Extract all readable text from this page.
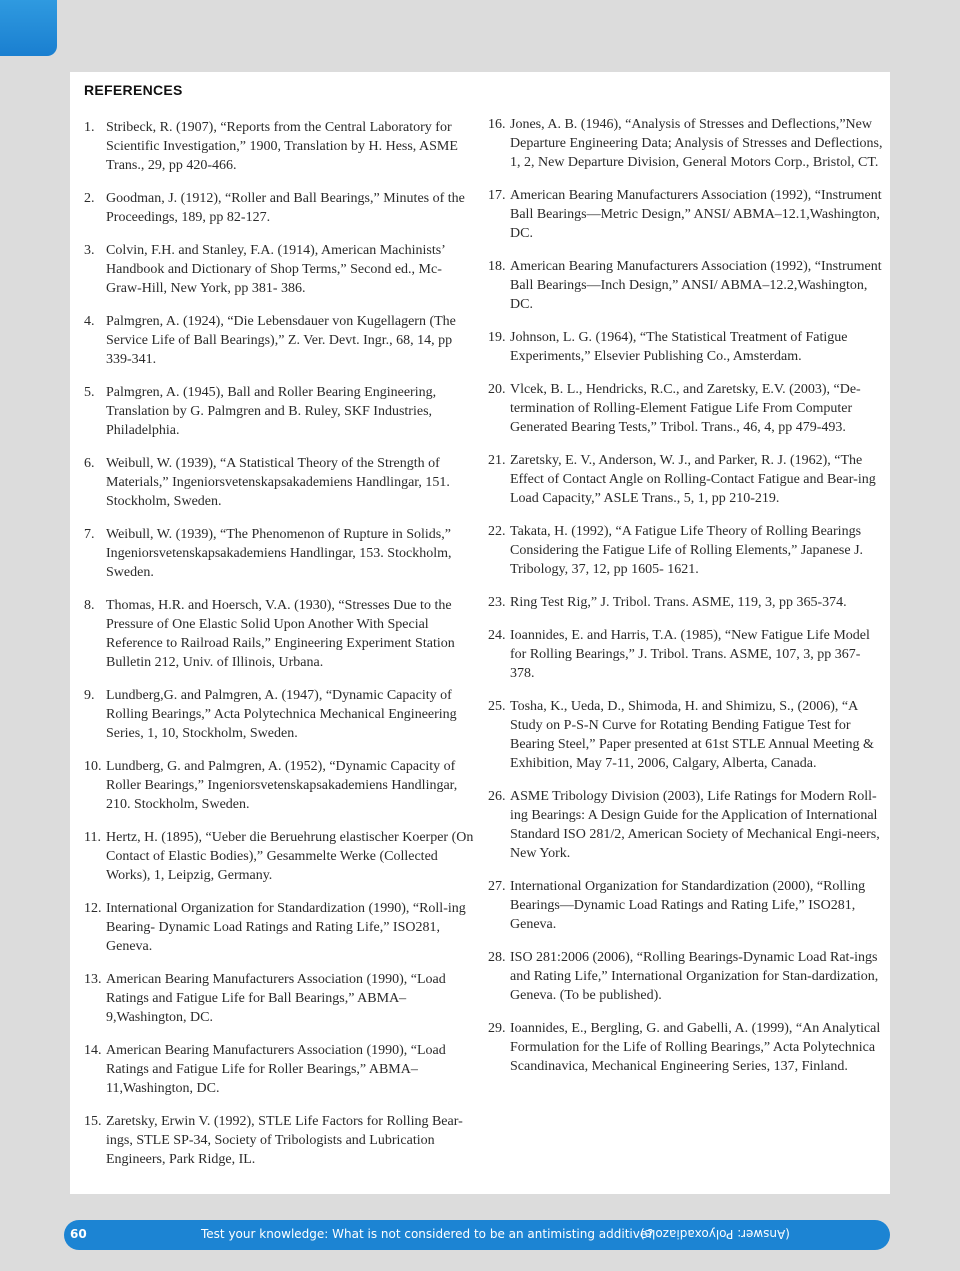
REFERENCES
1. Stribeck, R. (1907), “Reports from the Central Laboratory for Scientific Investigation,” 1900, Translation by H. Hess, ASME Trans., 29, pp 420-466.
2. Goodman, J. (1912), “Roller and Ball Bearings,” Minutes of the Proceedings, 189, pp 82-127.
3. Colvin, F.H. and Stanley, F.A. (1914), American Machinists’ Handbook and Dictionary of Shop Terms,” Second ed., Mc-Graw-Hill, New York, pp 381- 386.
4. Palmgren, A. (1924), “Die Lebensdauer von Kugellagern (The Service Life of Ball Bearings),” Z. Ver. Devt. Ingr., 68, 14, pp 339-341.
5. Palmgren, A. (1945), Ball and Roller Bearing Engineering, Translation by G. Palmgren and B. Ruley, SKF Industries, Philadelphia.
6. Weibull, W. (1939), “A Statistical Theory of the Strength of Materials,” Ingeniorsvetenskapsakademiens Handlingar, 151. Stockholm, Sweden.
7. Weibull, W. (1939), “The Phenomenon of Rupture in Solids,” Ingeniorsvetenskapsakademiens Handlingar, 153. Stockholm, Sweden.
8. Thomas, H.R. and Hoersch, V.A. (1930), “Stresses Due to the Pressure of One Elastic Solid Upon Another With Special Reference to Railroad Rails,” Engineering Experiment Station Bulletin 212, Univ. of Illinois, Urbana.
9. Lundberg,G. and Palmgren, A. (1947), “Dynamic Capacity of Rolling Bearings,” Acta Polytechnica Mechanical Engineering Series, 1, 10, Stockholm, Sweden.
10. Lundberg, G. and Palmgren, A. (1952), “Dynamic Capacity of Roller Bearings,” Ingeniorsvetenskapsakademiens Handlingar, 210. Stockholm, Sweden.
11. Hertz, H. (1895), “Ueber die Beruehrung elastischer Koerper (On Contact of Elastic Bodies),” Gesammelte Werke (Collected Works), 1, Leipzig, Germany.
12. International Organization for Standardization (1990), “Roll-ing Bearing- Dynamic Load Ratings and Rating Life,” ISO281, Geneva.
13. American Bearing Manufacturers Association (1990), “Load Ratings and Fatigue Life for Ball Bearings,” ABMA–9,Washington, DC.
14. American Bearing Manufacturers Association (1990), “Load Ratings and Fatigue Life for Roller Bearings,” ABMA–11,Washington, DC.
15. Zaretsky, Erwin V. (1992), STLE Life Factors for Rolling Bear-ings, STLE SP-34, Society of Tribologists and Lubrication Engineers, Park Ridge, IL.
16. Jones, A. B. (1946), “Analysis of Stresses and Deflections,”New Departure Engineering Data; Analysis of Stresses and Deflections, 1, 2, New Departure Division, General Motors Corp., Bristol, CT.
17. American Bearing Manufacturers Association (1992), “Instrument Ball Bearings—Metric Design,” ANSI/ ABMA–12.1,Washington, DC.
18. American Bearing Manufacturers Association (1992), “Instrument Ball Bearings—Inch Design,” ANSI/ ABMA–12.2,Washington, DC.
19. Johnson, L. G. (1964), “The Statistical Treatment of Fatigue Experiments,” Elsevier Publishing Co., Amsterdam.
20. Vlcek, B. L., Hendricks, R.C., and Zaretsky, E.V. (2003), “De-termination of Rolling-Element Fatigue Life From Computer Generated Bearing Tests,” Tribol. Trans., 46, 4, pp 479-493.
21. Zaretsky, E. V., Anderson, W. J., and Parker, R. J. (1962), “The Effect of Contact Angle on Rolling-Contact Fatigue and Bear-ing Load Capacity,” ASLE Trans., 5, 1, pp 210-219.
22. Takata, H. (1992), “A Fatigue Life Theory of Rolling Bearings Considering the Fatigue Life of Rolling Elements,” Japanese J. Tribology, 37, 12, pp 1605- 1621.
23. Ring Test Rig,” J. Tribol. Trans. ASME, 119, 3, pp 365-374.
24. Ioannides, E. and Harris, T.A. (1985), “New Fatigue Life Model for Rolling Bearings,” J. Tribol. Trans. ASME, 107, 3, pp 367-378.
25. Tosha, K., Ueda, D., Shimoda, H. and Shimizu, S., (2006), “A Study on P-S-N Curve for Rotating Bending Fatigue Test for Bearing Steel,” Paper presented at 61st STLE Annual Meeting & Exhibition, May 7-11, 2006, Calgary, Alberta, Canada.
26. ASME Tribology Division (2003), Life Ratings for Modern Roll-ing Bearings: A Design Guide for the Application of International Standard ISO 281/2, American Society of Mechanical Engi-neers, New York.
27. International Organization for Standardization (2000), “Rolling Bearings—Dynamic Load Ratings and Rating Life,” ISO281, Geneva.
28. ISO 281:2006 (2006), “Rolling Bearings-Dynamic Load Rat-ings and Rating Life,” International Organization for Stan-dardization, Geneva. (To be published).
29. Ioannides, E., Bergling, G. and Gabelli, A. (1999), “An Analytical Formulation for the Life of Rolling Bearings,” Acta Polytechnica Scandinavica, Mechanical Engineering Series, 137, Finland.
60	Test your knowledge: What is not considered to be an antimisting additive?
(Answer: Polyoxadiazole)
